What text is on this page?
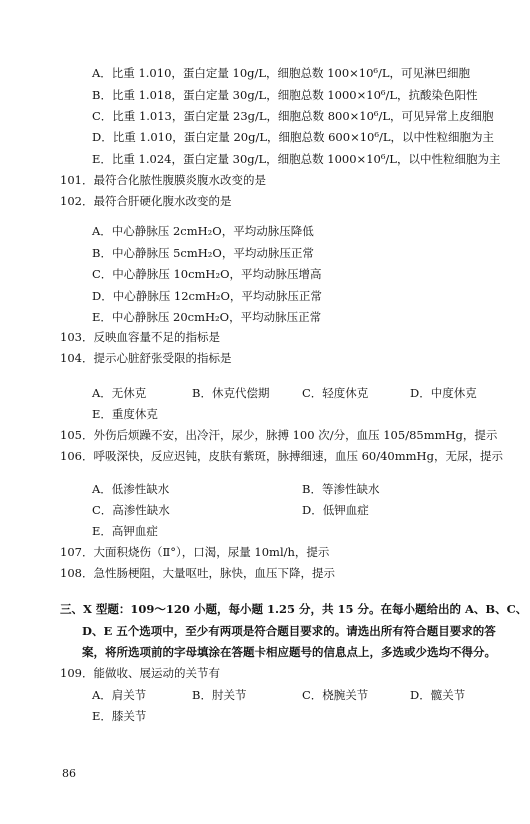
A．比重 1.010，蛋白定量 10g/L，细胞总数 100×10⁶/L，可见淋巴细胞
B．比重 1.018，蛋白定量 30g/L，细胞总数 1000×10⁶/L，抗酸染色阳性
C．比重 1.013，蛋白定量 23g/L，细胞总数 800×10⁶/L，可见异常上皮细胞
D．比重 1.010，蛋白定量 20g/L，细胞总数 600×10⁶/L，以中性粒细胞为主
E．比重 1.024，蛋白定量 30g/L，细胞总数 1000×10⁶/L，以中性粒细胞为主
101．最符合化脓性腹膜炎腹水改变的是
102．最符合肝硬化腹水改变的是
A．中心静脉压 2cmH₂O，平均动脉压降低
B．中心静脉压 5cmH₂O，平均动脉压正常
C．中心静脉压 10cmH₂O，平均动脉压增高
D．中心静脉压 12cmH₂O，平均动脉压正常
E．中心静脉压 20cmH₂O，平均动脉压正常
103．反映血容量不足的指标是
104．提示心脏舒张受限的指标是
A．无休克	B．休克代偿期	C．轻度休克	D．中度休克
E．重度休克
105．外伤后烦躁不安，出冷汗，尿少，脉搏 100 次/分，血压 105/85mmHg，提示
106．呼吸深快，反应迟钝，皮肤有紫斑，脉搏细速，血压 60/40mmHg，无尿，提示
A．低渗性缺水	B．等渗性缺水
C．高渗性缺水	D．低钾血症
E．高钾血症
107．大面积烧伤（Ⅱ°），口渴，尿量 10ml/h，提示
108．急性肠梗阻，大量呕吐，脉快，血压下降，提示
三、X 型题：109～120 小题，每小题 1.25 分，共 15 分。在每小题给出的 A、B、C、
D、E 五个选项中，至少有两项是符合题目要求的。请选出所有符合题目要求的答
案，将所选项前的字母填涂在答题卡相应题号的信息点上，多选或少选均不得分。
109．能做收、展运动的关节有
A．肩关节	B．肘关节	C．桡腕关节	D．髋关节
E．膝关节
86
